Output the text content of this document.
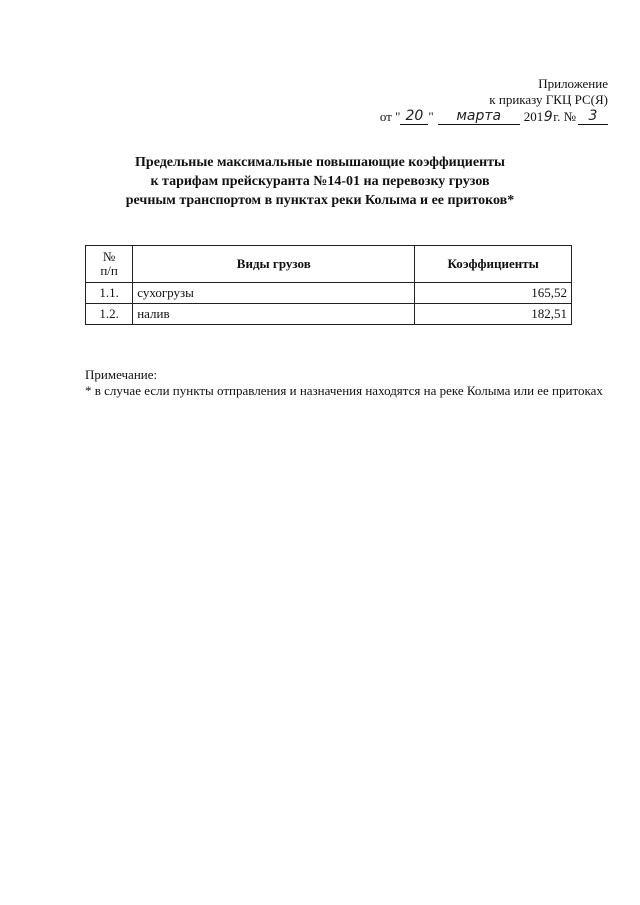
Приложение
к приказу ГКЦ РС(Я)
от " 20 "	марта	201 9 г. № 3
Предельные максимальные повышающие коэффициенты
к тарифам прейскуранта №14-01 на перевозку грузов
речным транспортом в пунктах реки Колыма и ее притоков*
№
п/п	Виды грузов	Коэффициенты
1.1.	сухогрузы	165,52
1.2.	налив	182,51
Примечание:
* в случае если пункты отправления и назначения находятся на реке Колыма или ее притоках
